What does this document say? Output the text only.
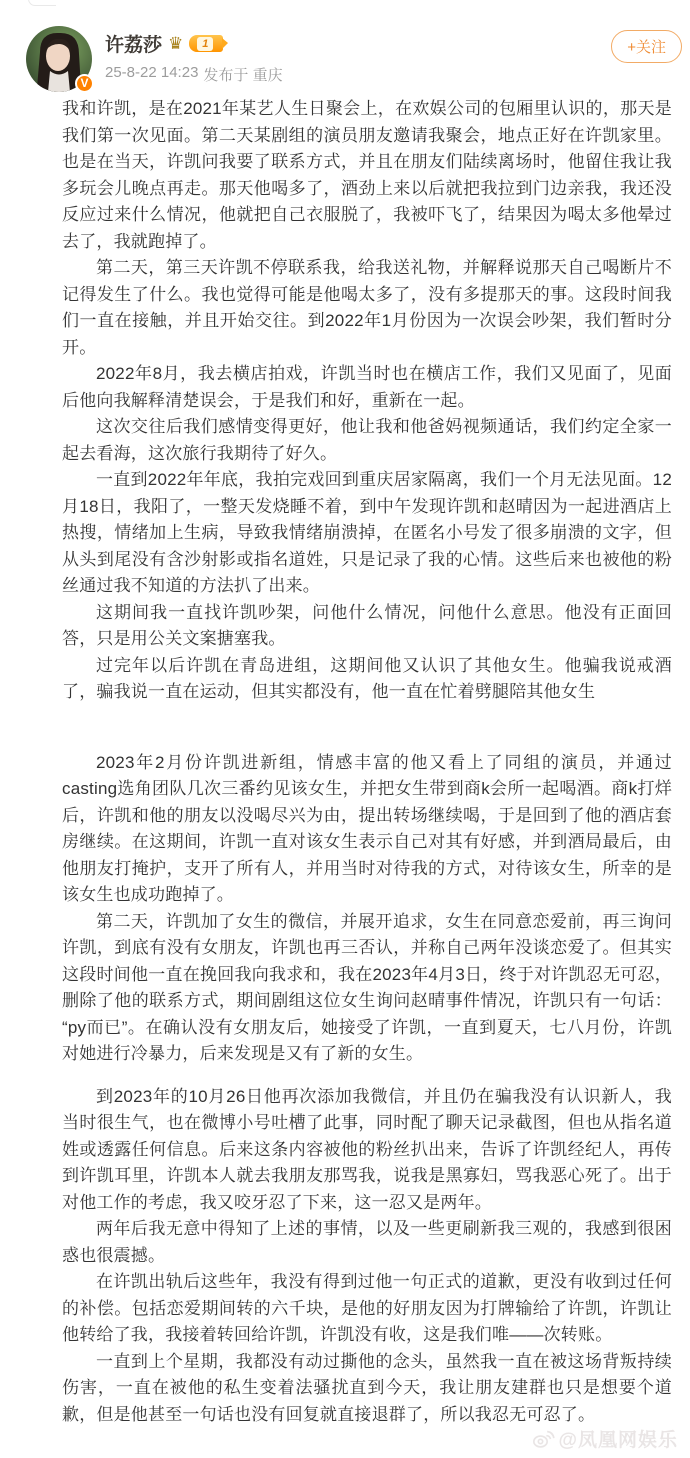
V
许荔莎 ♛	1
25-8-22 14:23 发布于 重庆
+关注

我和许凯，是在2021年某艺人生日聚会上，在欢娱公司的包厢里认识的，那天是我们第一次见面。第二天某剧组的演员朋友邀请我聚会，地点正好在许凯家里。也是在当天，许凯问我要了联系方式，并且在朋友们陆续离场时，他留住我让我多玩会儿晚点再走。那天他喝多了，酒劲上来以后就把我拉到门边亲我，我还没反应过来什么情况，他就把自己衣服脱了，我被吓飞了，结果因为喝太多他晕过去了，我就跑掉了。

第二天，第三天许凯不停联系我，给我送礼物，并解释说那天自己喝断片不记得发生了什么。我也觉得可能是他喝太多了，没有多提那天的事。这段时间我们一直在接触，并且开始交往。到2022年1月份因为一次误会吵架，我们暂时分开。

2022年8月，我去横店拍戏，许凯当时也在横店工作，我们又见面了，见面后他向我解释清楚误会，于是我们和好，重新在一起。

这次交往后我们感情变得更好，他让我和他爸妈视频通话，我们约定全家一起去看海，这次旅行我期待了好久。

一直到2022年年底，我拍完戏回到重庆居家隔离，我们一个月无法见面。12月18日，我阳了，一整天发烧睡不着，到中午发现许凯和赵晴因为一起进酒店上热搜，情绪加上生病，导致我情绪崩溃掉，在匿名小号发了很多崩溃的文字，但从头到尾没有含沙射影或指名道姓，只是记录了我的心情。这些后来也被他的粉丝通过我不知道的方法扒了出来。

这期间我一直找许凯吵架，问他什么情况，问他什么意思。他没有正面回答，只是用公关文案搪塞我。

过完年以后许凯在青岛进组，这期间他又认识了其他女生。他骗我说戒酒了，骗我说一直在运动，但其实都没有，他一直在忙着劈腿陪其他女生

2023年2月份许凯进新组，情感丰富的他又看上了同组的演员，并通过casting选角团队几次三番约见该女生，并把女生带到商k会所一起喝酒。商k打烊后，许凯和他的朋友以没喝尽兴为由，提出转场继续喝，于是回到了他的酒店套房继续。在这期间，许凯一直对该女生表示自己对其有好感，并到酒局最后，由他朋友打掩护，支开了所有人，并用当时对待我的方式，对待该女生，所幸的是该女生也成功跑掉了。

第二天，许凯加了女生的微信，并展开追求，女生在同意恋爱前，再三询问许凯，到底有没有女朋友，许凯也再三否认，并称自己两年没谈恋爱了。但其实这段时间他一直在挽回我向我求和，我在2023年4月3日，终于对许凯忍无可忍，删除了他的联系方式，期间剧组这位女生询问赵晴事件情况，许凯只有一句话：“py而已”。在确认没有女朋友后，她接受了许凯，一直到夏天，七八月份，许凯对她进行冷暴力，后来发现是又有了新的女生。

到2023年的10月26日他再次添加我微信，并且仍在骗我没有认识新人，我当时很生气，也在微博小号吐槽了此事，同时配了聊天记录截图，但也从指名道姓或透露任何信息。后来这条内容被他的粉丝扒出来，告诉了许凯经纪人，再传到许凯耳里，许凯本人就去我朋友那骂我，说我是黑寡妇，骂我恶心死了。出于对他工作的考虑，我又咬牙忍了下来，这一忍又是两年。

两年后我无意中得知了上述的事情，以及一些更刷新我三观的，我感到很困惑也很震撼。

在许凯出轨后这些年，我没有得到过他一句正式的道歉，更没有收到过任何的补偿。包括恋爱期间转的六千块，是他的好朋友因为打牌输给了许凯，许凯让他转给了我，我接着转回给许凯，许凯没有收，这是我们唯——次转账。

一直到上个星期，我都没有动过撕他的念头，虽然我一直在被这场背叛持续伤害，一直在被他的私生变着法骚扰直到今天，我让朋友建群也只是想要个道歉，但是他甚至一句话也没有回复就直接退群了，所以我忍无可忍了。

@凤凰网娱乐
